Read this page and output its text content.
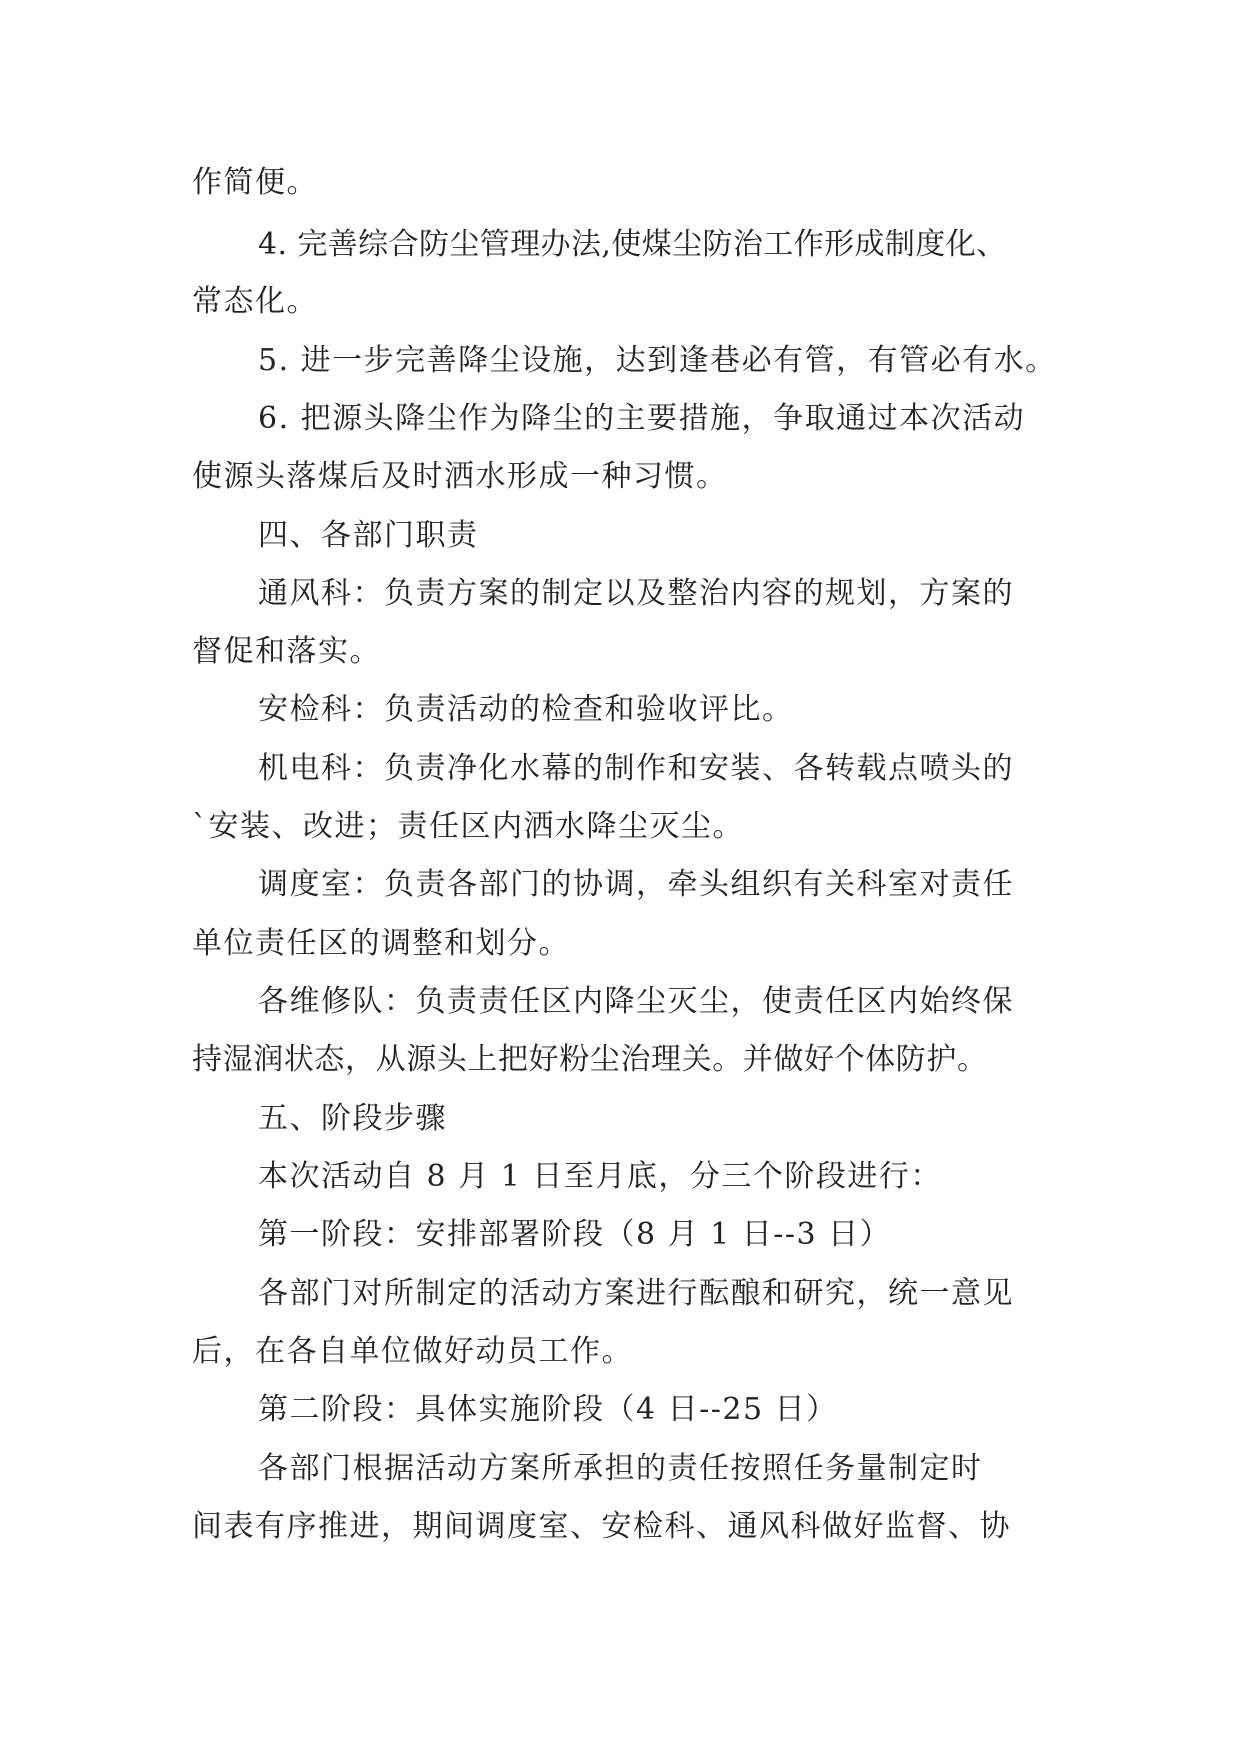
作简便。

4. 完善综合防尘管理办法,使煤尘防治工作形成制度化、

常态化。

5. 进一步完善降尘设施，达到逢巷必有管，有管必有水。

6. 把源头降尘作为降尘的主要措施，争取通过本次活动

使源头落煤后及时洒水形成一种习惯。

四、各部门职责

通风科：负责方案的制定以及整治内容的规划，方案的

督促和落实。

安检科：负责活动的检查和验收评比。

机电科：负责净化水幕的制作和安装、各转载点喷头的

`安装、改进；责任区内洒水降尘灭尘。

调度室：负责各部门的协调，牵头组织有关科室对责任

单位责任区的调整和划分。

各维修队：负责责任区内降尘灭尘，使责任区内始终保

持湿润状态，从源头上把好粉尘治理关。并做好个体防护。

五、阶段步骤

本次活动自 8 月 1 日至月底，分三个阶段进行：

第一阶段：安排部署阶段（8 月 1 日--3 日）

各部门对所制定的活动方案进行酝酿和研究，统一意见

后，在各自单位做好动员工作。

第二阶段：具体实施阶段（4 日--25 日）

各部门根据活动方案所承担的责任按照任务量制定时

间表有序推进，期间调度室、安检科、通风科做好监督、协
